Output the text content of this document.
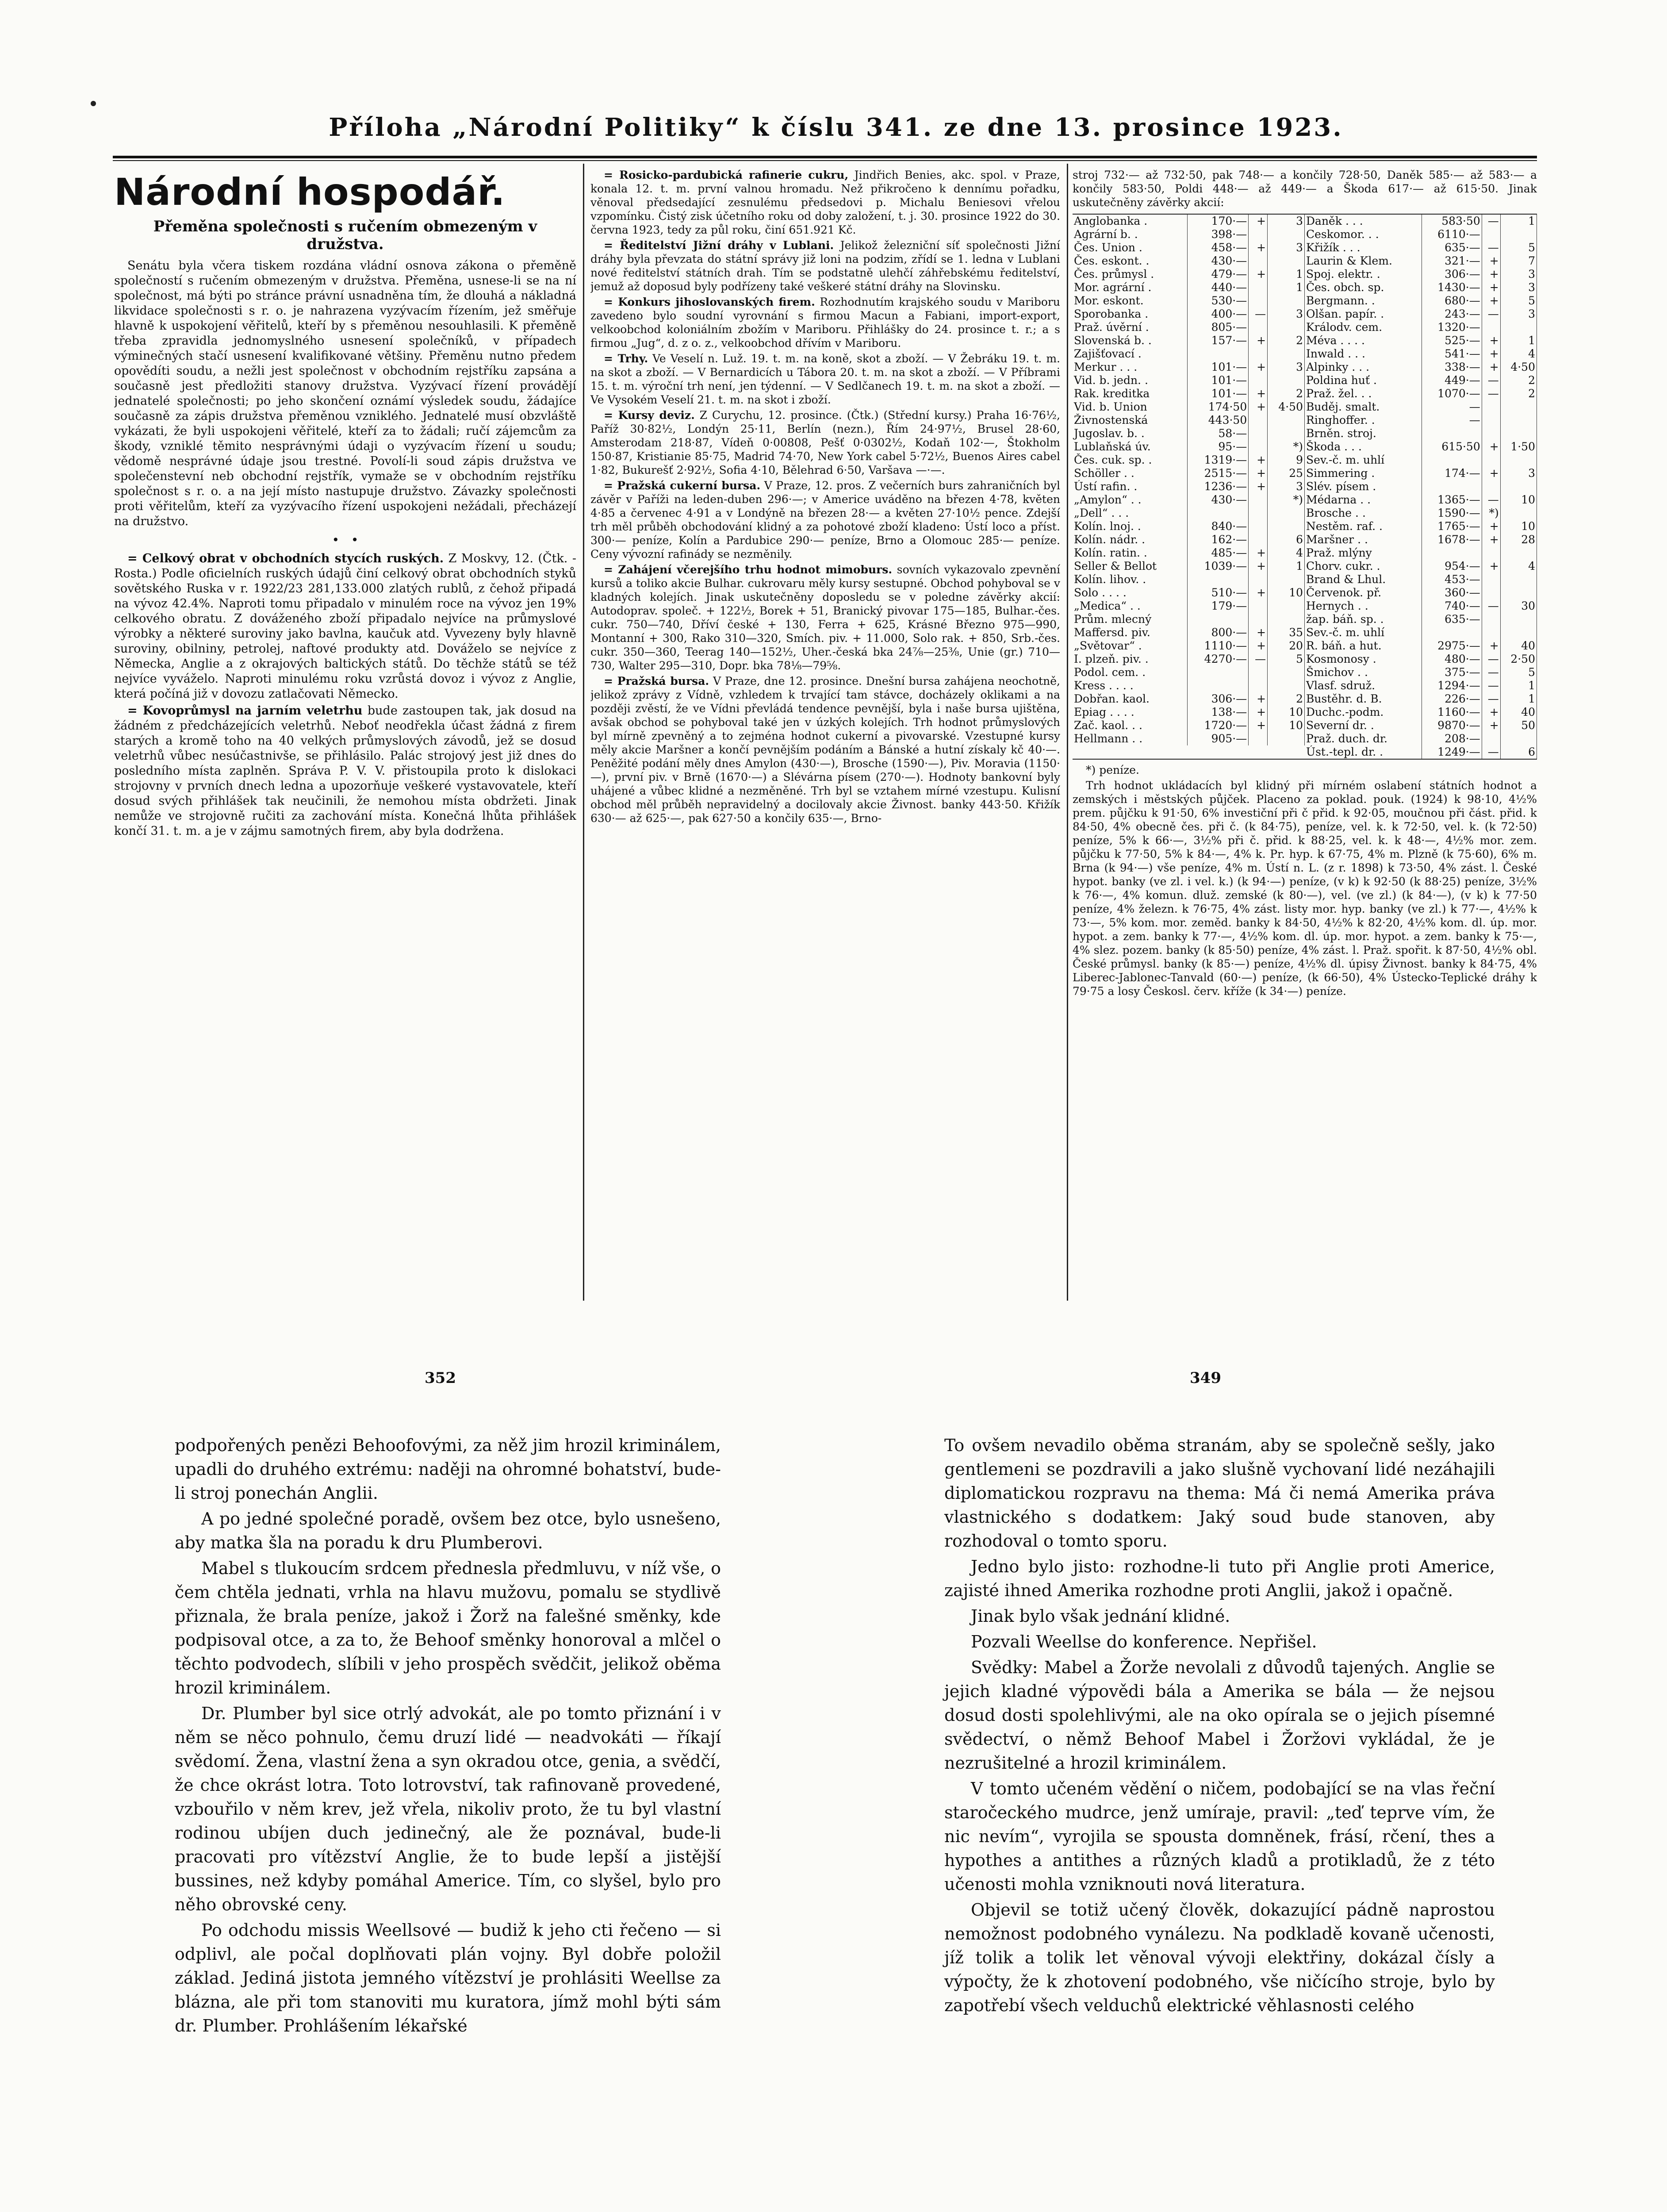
Příloha „Národní Politiky“ k číslu 341. ze dne 13. prosince 1923.
Národní hospodář.
Přeměna společnosti s ručením obmezeným v družstva.

Senátu byla včera tiskem rozdána vládní osnova zákona o přeměně společností s ručením obmezeným v družstva. Přeměna, usnese-li se na ní společnost, má býti po stránce právní usnadněna tím, že dlouhá a nákladná likvidace společnosti s r. o. je nahrazena vyzývacím řízením, jež směřuje hlavně k uspokojení věřitelů, kteří by s přeměnou nesouhlasili. K přeměně třeba zpravidla jednomyslného usnesení společníků, v případech výminečných stačí usnesení kvalifikované většiny. Přeměnu nutno předem opovědíti soudu, a nežli jest společnost v obchodním rejstříku zapsána a současně jest předložiti stanovy družstva. Vyzývací řízení provádějí jednatelé společnosti; po jeho skončení oznámí výsledek soudu, žádajíce současně za zápis družstva přeměnou vzniklého. Jednatelé musí obzvláště vykázati, že byli uspokojeni věřitelé, kteří za to žádali; ručí zájemcům za škody, vzniklé těmito nesprávnými údaji o vyzývacím řízení u soudu; vědomě nesprávné údaje jsou trestné. Povolí-li soud zápis družstva ve společenstevní neb obchodní rejstřík, vymaže se v obchodním rejstříku společnost s r. o. a na její místo nastupuje družstvo. Závazky společnosti proti věřitelům, kteří za vyzývacího řízení uspokojeni nežádali, přecházejí na družstvo.

•   •

= Celkový obrat v obchodních stycích ruských. Z Moskvy, 12. (Čtk. - Rosta.) Podle oficielních ruských údajů činí celkový obrat obchodních styků sovětského Ruska v r. 1922/23 281,133.000 zlatých rublů, z čehož připadá na vývoz 42.4%. Naproti tomu připadalo v minulém roce na vývoz jen 19% celkového obratu. Z dováženého zboží připadalo nejvíce na průmyslové výrobky a některé suroviny jako bavlna, kaučuk atd. Vyvezeny byly hlavně suroviny, obilniny, petrolej, naftové produkty atd. Dováželo se nejvíce z Německa, Anglie a z okrajových baltických států. Do těchže států se též nejvíce vyváželo. Naproti minulému roku vzrůstá dovoz i vývoz z Anglie, která počíná již v dovozu zatlačovati Německo.

= Kovoprůmysl na jarním veletrhu bude zastoupen tak, jak dosud na žádném z předcházejících veletrhů. Neboť neodřekla účast žádná z firem starých a kromě toho na 40 velkých průmyslových závodů, jež se dosud veletrhů vůbec nesúčastnivše, se přihlásilo. Palác strojový jest již dnes do posledního místa zaplněn. Správa P. V. V. přistoupila proto k dislokaci strojovny v prvních dnech ledna a upozorňuje veškeré vystavovatele, kteří dosud svých přihlášek tak neučinili, že nemohou místa obdržeti. Jinak nemůže ve strojovně ručiti za zachování místa. Konečná lhůta přihlášek končí 31. t. m. a je v zájmu samotných firem, aby byla dodržena.

= Rosicko-pardubická rafinerie cukru, Jindřich Benies, akc. spol. v Praze, konala 12. t. m. první valnou hromadu. Než přikročeno k dennímu pořadku, věnoval předsedající zesnulému předsedovi p. Michalu Beniesovi vřelou vzpomínku. Čistý zisk účetního roku od doby založení, t. j. 30. prosince 1922 do 30. června 1923, tedy za půl roku, činí 651.921 Kč.

= Ředitelství Jižní dráhy v Lublani. Jelikož železniční síť společnosti Jižní dráhy byla převzata do státní správy již loni na podzim, zřídí se 1. ledna v Lublani nové ředitelství státních drah. Tím se podstatně ulehčí záhřebskému ředitelství, jemuž až doposud byly podřízeny také veškeré státní dráhy na Slovinsku.

= Konkurs jihoslovanských firem. Rozhodnutím krajského soudu v Mariboru zavedeno bylo soudní vyrovnání s firmou Macun a Fabiani, import-export, velkoobchod koloniálním zbožím v Mariboru. Přihlášky do 24. prosince t. r.; a s firmou „Jug“, d. z o. z., velkoobchod dřívím v Mariboru.

= Trhy. Ve Veselí n. Luž. 19. t. m. na koně, skot a zboží. — V Žebráku 19. t. m. na skot a zboží. — V Bernardicích u Tábora 20. t. m. na skot a zboží. — V Příbrami 15. t. m. výroční trh není, jen týdenní. — V Sedlčanech 19. t. m. na skot a zboží. — Ve Vysokém Veselí 21. t. m. na skot i zboží.

= Kursy deviz. Z Curychu, 12. prosince. (Čtk.) (Střední kursy.) Praha 16·76½, Paříž 30·82½, Londýn 25·11, Berlín (nezn.), Řím 24·97½, Brusel 28·60, Amsterodam 218·87, Vídeň 0·00808, Pešť 0·0302½, Kodaň 102·—, Štokholm 150·87, Kristianie 85·75, Madrid 74·70, New York cabel 5·72½, Buenos Aires cabel 1·82, Bukurešť 2·92½, Sofia 4·10, Bělehrad 6·50, Varšava —·—.

= Pražská cukerní bursa. V Praze, 12. pros. Z večerních burs zahraničních byl závěr v Paříži na leden-duben 296·—; v Americe uváděno na březen 4·78, květen 4·85 a červenec 4·91 a v Londýně na březen 28·— a květen 27·10½ pence. Zdejší trh měl průběh obchodování klidný a za pohotové zboží kladeno: Ústí loco a příst. 300·— peníze, Kolín a Pardubice 290·— peníze, Brno a Olomouc 285·— peníze. Ceny vývozní rafinády se nezměnily.

= Zahájení včerejšího trhu hodnot mimoburs. sovních vykazovalo zpevnění kursů a toliko akcie Bulhar. cukrovaru měly kursy sestupné. Obchod pohyboval se v kladných kolejích. Jinak uskutečněny doposledu se v poledne závěrky akcií: Autodoprav. společ. + 122½, Borek + 51, Branický pivovar 175—185, Bulhar.-čes. cukr. 750—740, Dříví české + 130, Ferra + 625, Krásné Březno 975—990, Montanní + 300, Rako 310—320, Smích. piv. + 11.000, Solo rak. + 850, Srb.-čes. cukr. 350—360, Teerag 140—152½, Uher.-česká bka 24⅞—25⅜, Unie (gr.) 710—730, Walter 295—310, Dopr. bka 78⅛—79⅝.

= Pražská bursa. V Praze, dne 12. prosince. Dnešní bursa zahájena neochotně, jelikož zprávy z Vídně, vzhledem k trvající tam stávce, docházely oklikami a na později zvěstí, že ve Vídni převládá tendence pevnější, byla i naše bursa ujištěna, avšak obchod se pohyboval také jen v úzkých kolejích. Trh hodnot průmyslových byl mírně zpevněný a to zejména hodnot cukerní a pivovarské. Vzestupné kursy měly akcie Maršner a končí pevnějším podáním a Bánské a hutní získaly kč 40·—. Peněžité podání měly dnes Amylon (430·—), Brosche (1590·—), Piv. Moravia (1150·—), první piv. v Brně (1670·—) a Slévárna písem (270·—). Hodnoty bankovní byly uhájené a vůbec klidné a nezměněné. Trh byl se vztahem mírné vzestupu. Kulisní obchod měl průběh nepravidelný a docilovaly akcie Živnost. banky 443·50. Křižík 630·— až 625·—, pak 627·50 a končily 635·—, Brno-

stroj 732·— až 732·50, pak 748·— a končily 728·50, Daněk 585·— až 583·— a končily 583·50, Poldi 448·— až 449·— a Škoda 617·— až 615·50. Jinak uskutečněny závěrky akcií:

Anglobanka .	170·—	+	3
Agrární b. .	398·—		
Čes. Union .	458·—	+	3
Čes. eskont. .	430·—		
Čes. průmysl .	479·—	+	1
Mor. agrární .	440·—		1
Mor. eskont.	530·—		
Sporobanka .	400·—	—	3
Praž. úvěrní .	805·—		
Slovenská b. .	157·—	+	2
Zajišťovací .			
Merkur . . .	101·—	+	3
Vid. b. jedn. .	101·—		
Rak. kreditka	101·—	+	2
Vid. b. Union	174·50	+	4·50
Živnostenská	443·50		
Jugoslav. b. .	58·—		
Lublaňská úv.	95·—		*)
Čes. cuk. sp. .	1319·—	+	9
Schöller . .	2515·—	+	25
Ústí rafin. .	1236·—	+	3
„Amylon“ . .	430·—		*)
„Dell“ . . .			
Kolín. lnoj. .	840·—		
Kolín. nádr. .	162·—		6
Kolín. ratin. .	485·—	+	4
Seller & Bellot	1039·—	+	1
Kolín. lihov. .			
Solo . . . .	510·—	+	10
„Medica“ . .	179·—		
Prům. mlecný			
Maffersd. piv.	800·—	+	35
„Světovar“ .	1110·—	+	20
I. plzeň. piv. .	4270·—	—	5
Podol. cem. .			
Kress . . . .			
Dobřan. kaol.	306·—	+	2
Epiag . . . .	138·—	+	10
Zač. kaol. . .	1720·—	+	10
Hellmann . .	905·—		
Daněk . . .	583·50	—	1
Ceskomor. . .	6110·—		
Křižík . . .	635·—	—	5
Laurin & Klem.	321·—	+	7
Spoj. elektr. .	306·—	+	3
Čes. obch. sp.	1430·—	+	3
Bergmann. .	680·—	+	5
Olšan. papír. .	243·—	—	3
Králodv. cem.	1320·—		
Méva . . . .	525·—	+	1
Inwald . . .	541·—	+	4
Alpinky . . .	338·—	+	4·50
Poldina huť .	449·—	—	2
Praž. žel. . .	1070·—	—	2
Buděj. smalt.	—		
Ringhoffer. .	—		
Brněn. stroj.			
Škoda . . .	615·50	+	1·50
Sev.-č. m. uhlí			
Simmering .	174·—	+	3
Slév. písem .			
Médarna . .	1365·—	—	10
Brosche . .	1590·—	*)	
Nestěm. raf. .	1765·—	+	10
Maršner . .	1678·—	+	28
Praž. mlýny			
Chorv. cukr. .	954·—	+	4
Brand & Lhul.	453·—		
Červenok. př.	360·—		
Hernych . .	740·—	—	30
žap. báň. sp. .	635·—		
Sev.-č. m. uhlí			
R. báň. a hut.	2975·—	+	40
Kosmonosy .	480·—	—	2·50
Šmichov . .	375·—	—	5
Vlasf. sdruž.	1294·—	—	1
Bustěhr. d. B.	226·—	—	1
Duchc.-podm.	1160·—	+	40
Severní dr. .	9870·—	+	50
Praž. duch. dr.	208·—		
Úst.-tepl. dr. .	1249·—	—	6

*) peníze.

Trh hodnot ukládacích byl klidný při mírném oslabení státních hodnot a zemských i městských půjček. Placeno za poklad. pouk. (1924) k 98·10, 4½% prem. půjčku k 91·50, 6% investiční při č přid. k 92·05, moučnou při část. přid. k 84·50, 4% obecně čes. při č. (k 84·75), peníze, vel. k. k 72·50, vel. k. (k 72·50) peníze, 5% k 66·—, 3½% při č. přid. k 88·25, vel. k. k 48·—, 4½% mor. zem. půjčku k 77·50, 5% k 84·—, 4% k. Pr. hyp. k 67·75, 4% m. Plzně (k 75·60), 6% m. Brna (k 94·—) vše peníze, 4% m. Ústí n. L. (z r. 1898) k 73·50, 4% zást. l. České hypot. banky (ve zl. i vel. k.) (k 94·—) peníze, (v k) k 92·50 (k 88·25) peníze, 3½% k 76·—, 4% komun. dluž. zemské (k 80·—), vel. (ve zl.) (k 84·—), (v k) k 77·50 peníze, 4% železn. k 76·75, 4% zást. listy mor. hyp. banky (ve zl.) k 77·—, 4½% k 73·—, 5% kom. mor. zeměd. banky k 84·50, 4½% k 82·20, 4½% kom. dl. úp. mor. hypot. a zem. banky k 77·—, 4½% kom. dl. úp. mor. hypot. a zem. banky k 75·—, 4% slez. pozem. banky (k 85·50) peníze, 4% zást. l. Praž. spořit. k 87·50, 4½% obl. České průmysl. banky (k 85·—) peníze, 4½% dl. úpisy Živnost. banky k 84·75, 4% Liberec-Jablonec-Tanvald (60·—) peníze, (k 66·50), 4% Ústecko-Teplické dráhy k 79·75 a losy Českosl. červ. kříže (k 34·—) peníze.

352	349

podpořených penězi Behoofovými, za něž jim hrozil kriminálem, upadli do druhého extrému: naději na ohromné bohatství, bude-li stroj ponechán Anglii.

A po jedné společné poradě, ovšem bez otce, bylo usnešeno, aby matka šla na poradu k dru Plumberovi.

Mabel s tlukoucím srdcem přednesla předmluvu, v níž vše, o čem chtěla jednati, vrhla na hlavu mužovu, pomalu se stydlivě přiznala, že brala peníze, jakož i Žorž na falešné směnky, kde podpisoval otce, a za to, že Behoof směnky honoroval a mlčel o těchto podvodech, slíbili v jeho prospěch svědčit, jelikož oběma hrozil kriminálem.

Dr. Plumber byl sice otrlý advokát, ale po tomto přiznání i v něm se něco pohnulo, čemu druzí lidé — neadvokáti — říkají svědomí. Žena, vlastní žena a syn okradou otce, genia, a svědčí, že chce okrást lotra. Toto lotrovství, tak rafinovaně provedené, vzbouřilo v něm krev, jež vřela, nikoliv proto, že tu byl vlastní rodinou ubíjen duch jedinečný, ale že poznával, bude-li pracovati pro vítězství Anglie, že to bude lepší a jistější bussines, než kdyby pomáhal Americe. Tím, co slyšel, bylo pro něho obrovské ceny.

Po odchodu missis Weellsové — budiž k jeho cti řečeno — si odplivl, ale počal doplňovati plán vojny. Byl dobře položil základ. Jediná jistota jemného vítězství je prohlásiti Weellse za blázna, ale při tom stanoviti mu kuratora, jímž mohl býti sám dr. Plumber. Prohlášením lékařské

To ovšem nevadilo oběma stranám, aby se společně sešly, jako gentlemeni se pozdravili a jako slušně vychovaní lidé nezáhajili diplomatickou rozpravu na thema: Má či nemá Amerika práva vlastnického s dodatkem: Jaký soud bude stanoven, aby rozhodoval o tomto sporu.

Jedno bylo jisto: rozhodne-li tuto při Anglie proti Americe, zajisté ihned Amerika rozhodne proti Anglii, jakož i opačně.

Jinak bylo však jednání klidné.

Pozvali Weellse do konference. Nepřišel.

Svědky: Mabel a Žorže nevolali z důvodů tajených. Anglie se jejich kladné výpovědi bála a Amerika se bála — že nejsou dosud dosti spolehlivými, ale na oko opírala se o jejich písemné svědectví, o němž Behoof Mabel i Žoržovi vykládal, že je nezrušitelné a hrozil kriminálem.

V tomto učeném vědění o ničem, podobající se na vlas řeční staročeckého mudrce, jenž umíraje, pravil: „teď teprve vím, že nic nevím“, vyrojila se spousta domněnek, frásí, rčení, thes a hypothes a antithes a různých kladů a protikladů, že z této učenosti mohla vzniknouti nová literatura.

Objevil se totiž učený člověk, dokazující pádně naprostou nemožnost podobného vynálezu. Na podkladě kovaně učenosti, jíž tolik a tolik let věnoval vývoji elektřiny, dokázal čísly a výpočty, že k zhotovení podobného, vše ničícího stroje, bylo by zapotřebí všech velduchů elektrické věhlasnosti celého
